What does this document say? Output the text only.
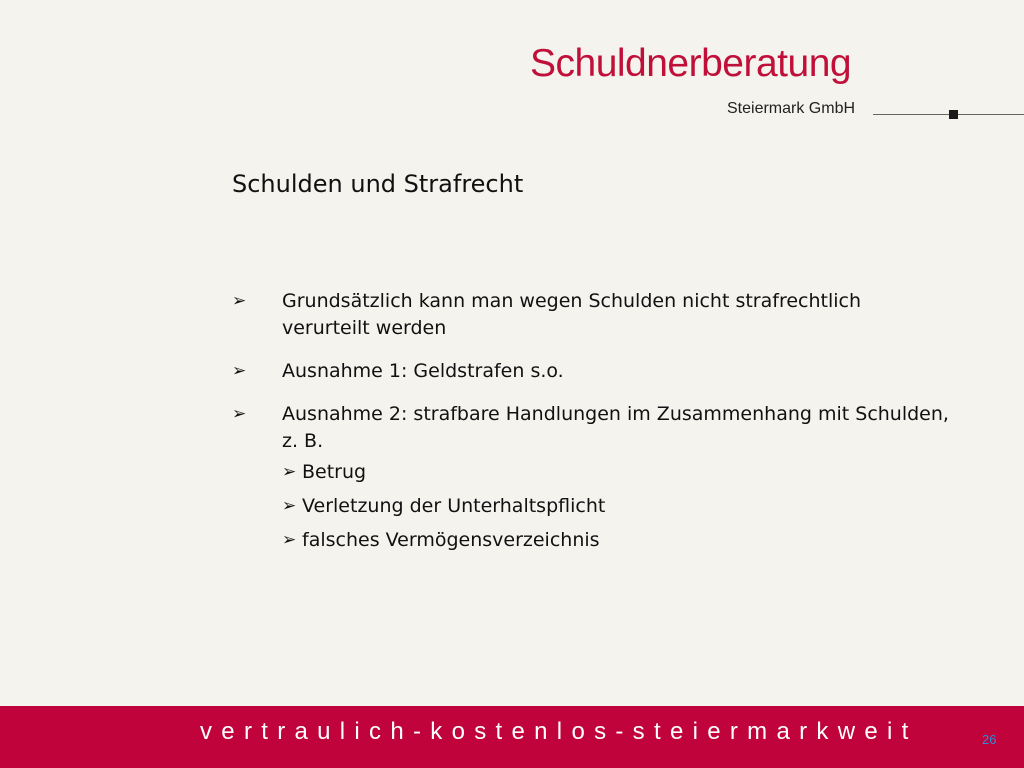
Schuldnerberatung
Steiermark GmbH
Schulden und Strafrecht
➢	Grundsätzlich kann man wegen Schulden nicht strafrechtlich verurteilt werden
➢	Ausnahme 1: Geldstrafen s.o.
➢	Ausnahme 2: strafbare Handlungen im Zusammenhang mit Schulden, z. B.
➢ Betrug
➢ Verletzung der Unterhaltspflicht
➢ falsches Vermögensverzeichnis
vertraulich-kostenlos-steiermarkweit	26
